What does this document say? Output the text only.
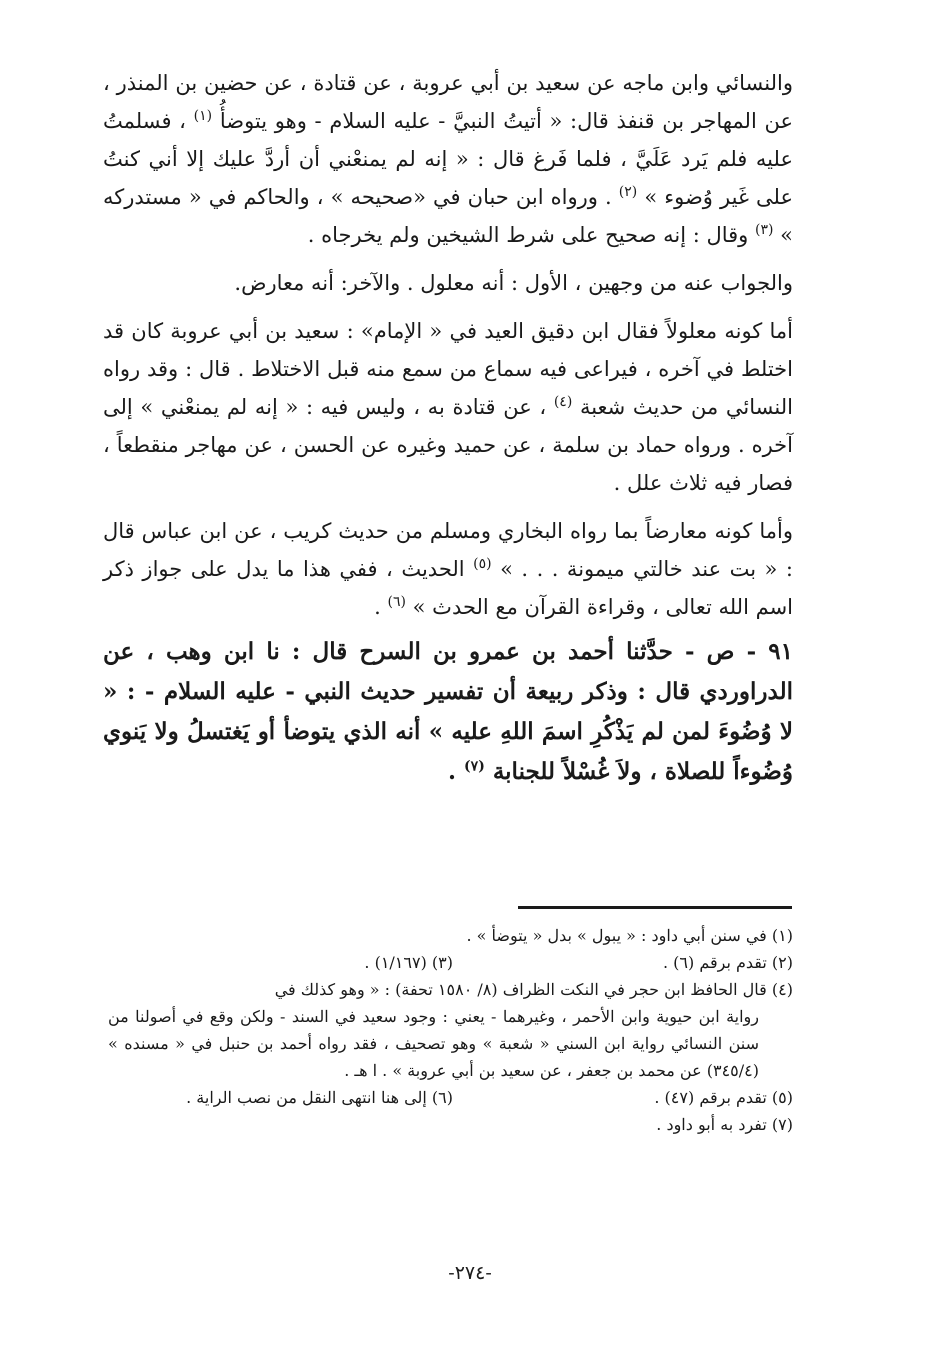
والنسائي وابن ماجه عن سعيد بن أبي عروبة ، عن قتادة ، عن حضين بن المنذر ، عن المهاجر بن قنفذ قال: « أتيتُ النبيَّ - عليه السلام - وهو يتوضأُ $^{(١)}$ ، فسلمتُ عليه فلم يَرد عَلَيَّ ، فلما فَرغ قال : « إنه لم يمنعْني أن أردَّ عليك إلا أني كنتُ على غَير وُضوء » $^{(٢)}$ . ورواه ابن حبان في «صحيحه » ، والحاكم في « مستدركه » $^{(٣)}$ وقال : إنه صحيح على شرط الشيخين ولم يخرجاه .

والجواب عنه من وجهين ، الأول : أنه معلول . والآخر: أنه معارض.

أما كونه معلولاً فقال ابن دقيق العيد في « الإمام» : سعيد بن أبي عروبة كان قد اختلط في آخره ، فيراعى فيه سماع من سمع منه قبل الاختلاط . قال : وقد رواه النسائي من حديث شعبة $^{(٤)}$ ، عن قتادة به ، وليس فيه : « إنه لم يمنعْني » إلى آخره . ورواه حماد بن سلمة ، عن حميد وغيره عن الحسن ، عن مهاجر منقطعاً ، فصار فيه ثلاث علل .

وأما كونه معارضاً بما رواه البخاري ومسلم من حديث كريب ، عن ابن عباس قال : « بت عند خالتي ميمونة . . . » $^{(٥)}$ الحديث ، ففي هذا ما يدل على جواز ذكر اسم الله تعالى ، وقراءة القرآن مع الحدث » $^{(٦)}$ .

٩١ - ص - حدَّثنا أحمد بن عمرو بن السرح قال : نا ابن وهب ، عن الدراوردي قال : وذكر ربيعة أن تفسير حديث النبي - عليه السلام - : « لا وُضُوءَ لمن لم يَذْكُرِ اسمَ اللهِ عليه » أنه الذي يتوضأ أو يَغتسلُ ولا يَنوي وُضُوءاً للصلاة ، ولاَ غُسْلاً للجنابة $^{(٧)}$ .

(١) في سنن أبي داود : « يبول » بدل « يتوضأ » .

(٢) تقدم برقم (٦) .
(٣) (١/١٦٧) .

(٤) قال الحافظ ابن حجر في النكت الظراف (٨/ ١٥٨٠ تحفة) : « وهو كذلك في

رواية ابن حيوية وابن الأحمر ، وغيرهما - يعني : وجود سعيد في السند - ولكن وقع في أصولنا من سنن النسائي رواية ابن السني « شعبة » وهو تصحيف ، فقد رواه أحمد بن حنبل في « مسنده » (٣٤٥/٤) عن محمد بن جعفر ، عن سعيد بن أبي عروبة » . ا هـ .

(٥) تقدم برقم (٤٧) .
(٦) إلى هنا انتهى النقل من نصب الراية .

(٧) تفرد به أبو داود .

-٢٧٤-
